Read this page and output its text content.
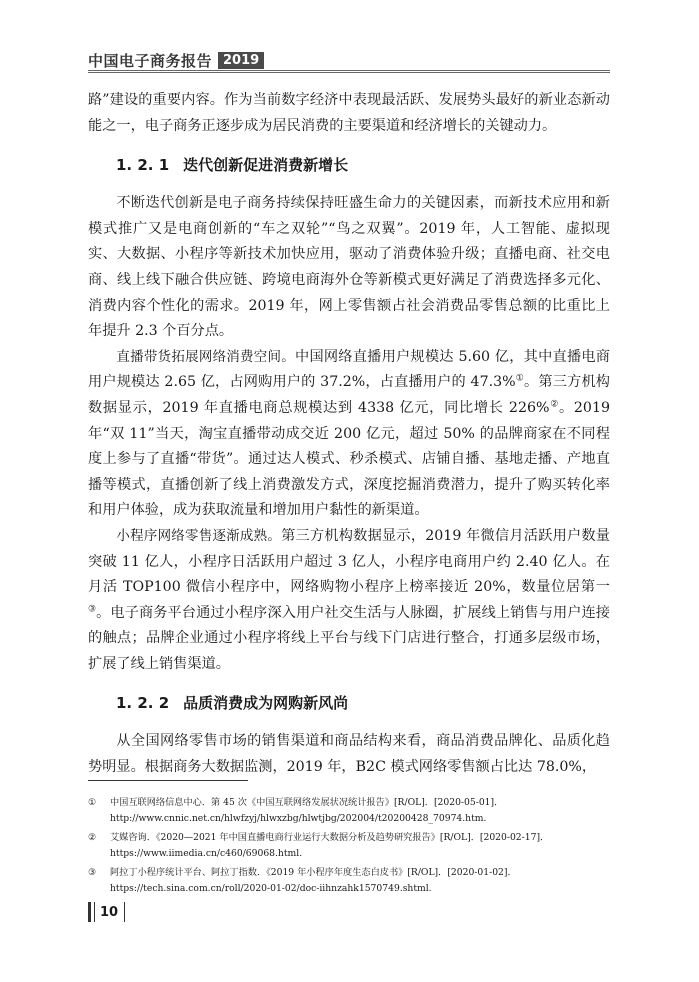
中国电子商务报告 2019

路”建设的重要内容。作为当前数字经济中表现最活跃、发展势头最好的新业态新动能之一，电子商务正逐步成为居民消费的主要渠道和经济增长的关键动力。

1. 2. 1 迭代创新促进消费新增长

不断迭代创新是电子商务持续保持旺盛生命力的关键因素，而新技术应用和新模式推广又是电商创新的“车之双轮”“鸟之双翼”。2019 年，人工智能、虚拟现实、大数据、小程序等新技术加快应用，驱动了消费体验升级；直播电商、社交电商、线上线下融合供应链、跨境电商海外仓等新模式更好满足了消费选择多元化、消费内容个性化的需求。2019 年，网上零售额占社会消费品零售总额的比重比上年提升 2.3 个百分点。

直播带货拓展网络消费空间。中国网络直播用户规模达 5.60 亿，其中直播电商用户规模达 2.65 亿，占网购用户的 37.2%，占直播用户的 47.3%①。第三方机构数据显示，2019 年直播电商总规模达到 4338 亿元，同比增长 226%②。2019 年“双 11”当天，淘宝直播带动成交近 200 亿元，超过 50% 的品牌商家在不同程度上参与了直播“带货”。通过达人模式、秒杀模式、店铺自播、基地走播、产地直播等模式，直播创新了线上消费激发方式，深度挖掘消费潜力，提升了购买转化率和用户体验，成为获取流量和增加用户黏性的新渠道。

小程序网络零售逐渐成熟。第三方机构数据显示，2019 年微信月活跃用户数量突破 11 亿人，小程序日活跃用户超过 3 亿人，小程序电商用户约 2.40 亿人。在月活 TOP100 微信小程序中，网络购物小程序上榜率接近 20%，数量位居第一③。电子商务平台通过小程序深入用户社交生活与人脉圈，扩展线上销售与用户连接的触点；品牌企业通过小程序将线上平台与线下门店进行整合，打通多层级市场，扩展了线上销售渠道。

1. 2. 2 品质消费成为网购新风尚

从全国网络零售市场的销售渠道和商品结构来看，商品消费品牌化、品质化趋势明显。根据商务大数据监测，2019 年，B2C 模式网络零售额占比达 78.0%，

①	中国互联网络信息中心．第 45 次《中国互联网络发展状况统计报告》[R/OL]．[2020-05-01]．
http://www.cnnic.net.cn/hlwfzyj/hlwxzbg/hlwtjbg/202004/t20200428_70974.htm.
②	艾媒咨询．《2020—2021 年中国直播电商行业运行大数据分析及趋势研究报告》[R/OL]．[2020-02-17]．
https://www.iimedia.cn/c460/69068.html.
③	阿拉丁小程序统计平台、阿拉丁指数．《2019 年小程序年度生态白皮书》[R/OL]．[2020-01-02]．
https://tech.sina.com.cn/roll/2020-01-02/doc-iihnzahk1570749.shtml.
10
